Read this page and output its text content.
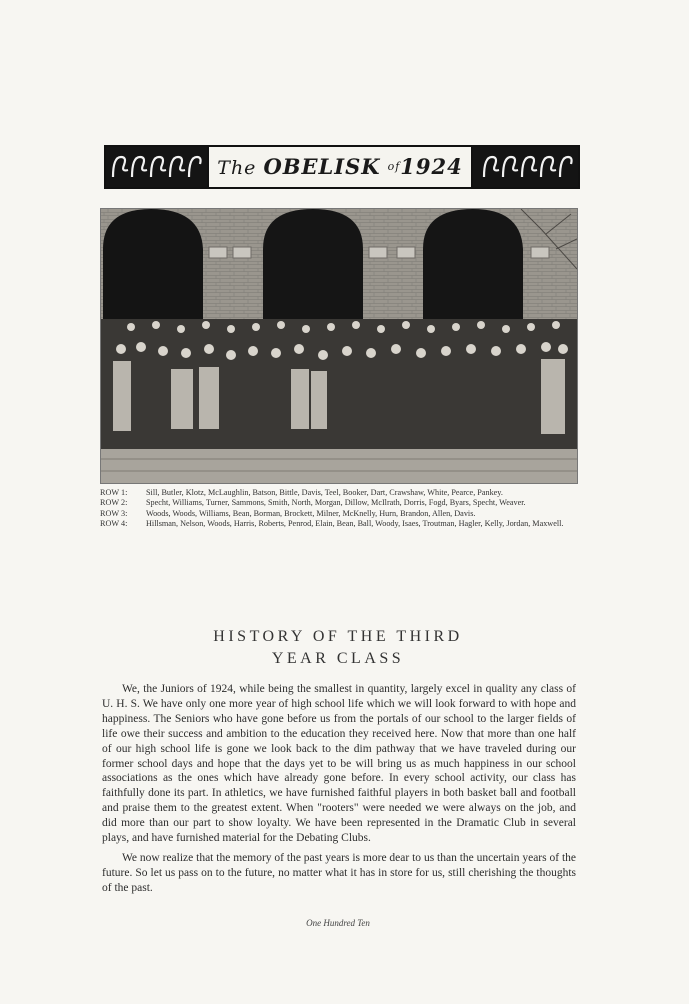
The OBELISK $^{of}$1924
ROW 1: Sill, Butler, Klotz, McLaughlin, Batson, Bittle, Davis, Teel, Booker, Dart, Crawshaw, White, Pearce, Pankey.
ROW 2: Specht, Williams, Turner, Sammons, Smith, North, Morgan, Dillow, McIlrath, Dorris, Fogd, Byars, Specht, Weaver.
ROW 3: Woods, Woods, Williams, Bean, Borman, Brockett, Milner, McKnelly, Hurn, Brandon, Allen, Davis.
ROW 4: Hillsman, Nelson, Woods, Harris, Roberts, Penrod, Elain, Bean, Ball, Woody, Isaes, Troutman, Hagler, Kelly, Jordan, Maxwell.
HISTORY OF THE THIRD
YEAR CLASS

We, the Juniors of 1924, while being the smallest in quantity, largely excel in quality any class of U. H. S. We have only one more year of high school life which we will look forward to with hope and happiness. The Seniors who have gone before us from the portals of our school to the larger fields of life owe their success and ambition to the education they received here. Now that more than one half of our high school life is gone we look back to the dim pathway that we have traveled during our former school days and hope that the days yet to be will bring us as much happiness in our school associations as the ones which have already gone before. In every school activity, our class has faithfully done its part. In athletics, we have furnished faithful players in both basket ball and football and praise them to the greatest extent. When "rooters" were needed we were always on the job, and did more than our part to show loyalty. We have been represented in the Dramatic Club in several plays, and have furnished material for the Debating Clubs.

We now realize that the memory of the past years is more dear to us than the uncertain years of the future. So let us pass on to the future, no matter what it has in store for us, still cherishing the thoughts of the past.

One Hundred Ten
